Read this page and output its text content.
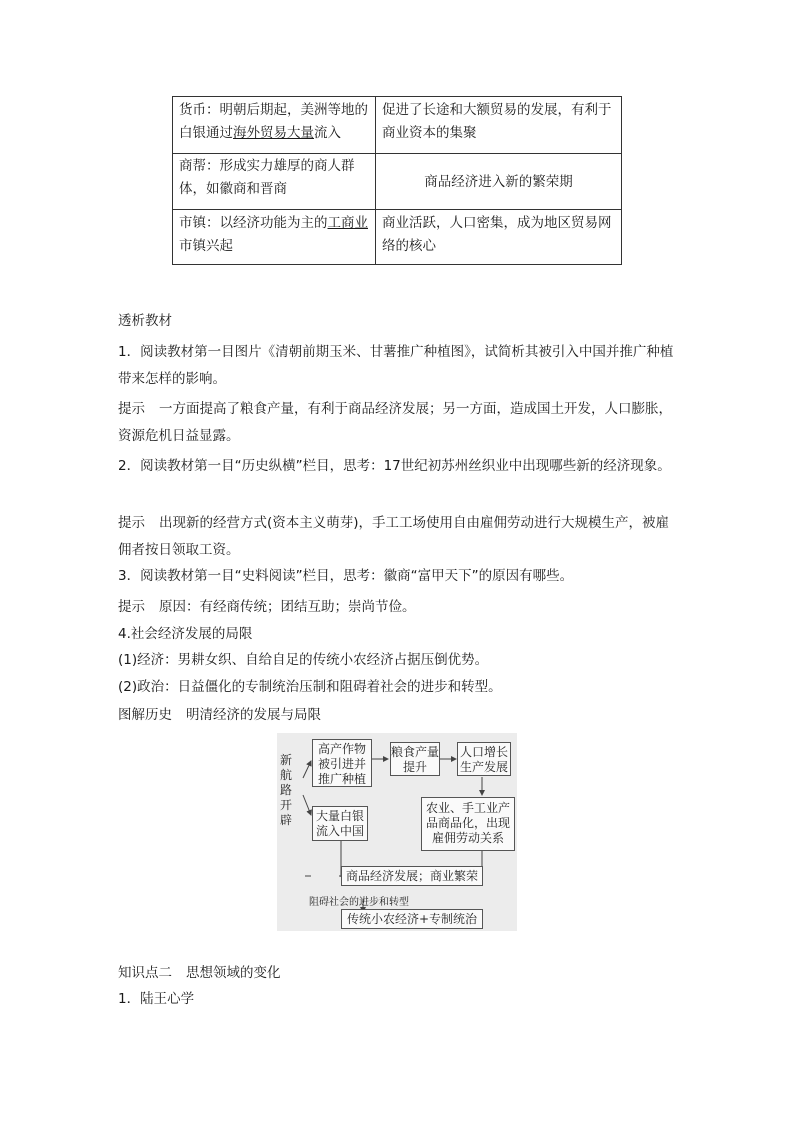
货币：明朝后期起，美洲等地的白银通过海外贸易大量流入	促进了长途和大额贸易的发展，有利于商业资本的集聚
商帮：形成实力雄厚的商人群体，如徽商和晋商	商品经济进入新的繁荣期
市镇：以经济功能为主的工商业市镇兴起	商业活跃，人口密集，成为地区贸易网络的核心

透析教材

1．阅读教材第一目图片《清朝前期玉米、甘薯推广种植图》，试简析其被引入中国并推广种植带来怎样的影响。

提示 一方面提高了粮食产量，有利于商品经济发展；另一方面，造成国土开发，人口膨胀，资源危机日益显露。

2．阅读教材第一目“历史纵横”栏目，思考：17世纪初苏州丝织业中出现哪些新的经济现象。

提示 出现新的经营方式(资本主义萌芽)，手工工场使用自由雇佣劳动进行大规模生产，被雇佣者按日领取工资。

3．阅读教材第一目“史料阅读”栏目，思考：徽商“富甲天下”的原因有哪些。

提示 原因：有经商传统；团结互助；崇尚节俭。

4.社会经济发展的局限

(1)经济：男耕女织、自给自足的传统小农经济占据压倒优势。

(2)政治：日益僵化的专制统治压制和阻碍着社会的进步和转型。

图解历史 明清经济的发展与局限

新航路开辟
高产作物被引进并推广种植
粮食产量提升
人口增长生产发展
大量白银流入中国
农业、手工业产品商品化，出现雇佣劳动关系
商品经济发展；商业繁荣
阻碍社会的进步和转型
传统小农经济+专制统治

知识点二 思想领域的变化

1．陆王心学
